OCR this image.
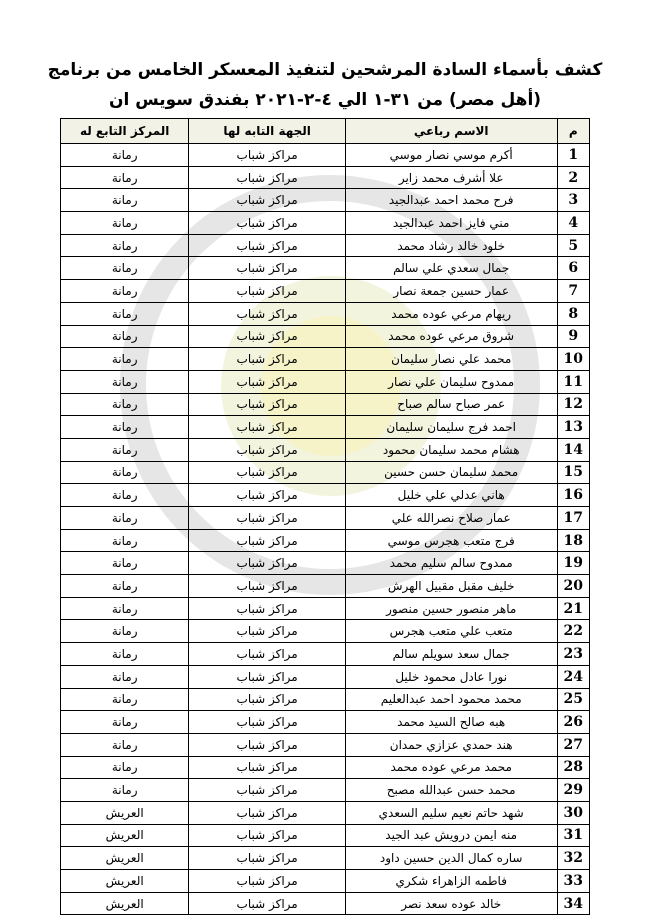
كشف بأسماء السادة المرشحين لتنفيذ المعسكر الخامس من برنامج
(أهل مصر) من ٣١-١ الي ٤-٢-٢٠٢١ بفندق سويس ان
م	الاسم رباعي	الجهة التابه لها	المركز التابع له
1	أكرم موسي نصار موسي	مراكز شباب	رمانة
2	علا أشرف محمد زاير	مراكز شباب	رمانة
3	فرح محمد احمد عبدالجيد	مراكز شباب	رمانة
4	مني فايز احمد عبدالجيد	مراكز شباب	رمانة
5	خلود خالد رشاد محمد	مراكز شباب	رمانة
6	جمال سعدي علي سالم	مراكز شباب	رمانة
7	عمار حسين جمعة نصار	مراكز شباب	رمانة
8	ريهام مرعي عوده محمد	مراكز شباب	رمانة
9	شروق مرعي عوده محمد	مراكز شباب	رمانة
10	محمد علي نصار سليمان	مراكز شباب	رمانة
11	ممدوح سليمان علي نصار	مراكز شباب	رمانة
12	عمر صباح سالم صباح	مراكز شباب	رمانة
13	احمد فرج سليمان سليمان	مراكز شباب	رمانة
14	هشام محمد سليمان محمود	مراكز شباب	رمانة
15	محمد سليمان حسن حسين	مراكز شباب	رمانة
16	هاني عدلي علي خليل	مراكز شباب	رمانة
17	عمار صلاح نصرالله علي	مراكز شباب	رمانة
18	فرج متعب هجرس موسي	مراكز شباب	رمانة
19	ممدوح سالم سليم محمد	مراكز شباب	رمانة
20	خليف مقبل مقبيل الهرش	مراكز شباب	رمانة
21	ماهر منصور حسين منصور	مراكز شباب	رمانة
22	متعب علي متعب هجرس	مراكز شباب	رمانة
23	جمال سعد سويلم سالم	مراكز شباب	رمانة
24	نورا عادل محمود خليل	مراكز شباب	رمانة
25	محمد محمود احمد عبدالعليم	مراكز شباب	رمانة
26	هبه صالح السيد محمد	مراكز شباب	رمانة
27	هند حمدي عزازي حمدان	مراكز شباب	رمانة
28	محمد مرعي عوده محمد	مراكز شباب	رمانة
29	محمد حسن عبدالله مصبح	مراكز شباب	رمانة
30	شهد حاتم نعيم سليم السعدي	مراكز شباب	العريش
31	منه ايمن درويش عبد الجيد	مراكز شباب	العريش
32	ساره كمال الدين حسين داود	مراكز شباب	العريش
33	فاطمه الزاهراء شكري	مراكز شباب	العريش
34	خالد عوده سعد نصر	مراكز شباب	العريش
